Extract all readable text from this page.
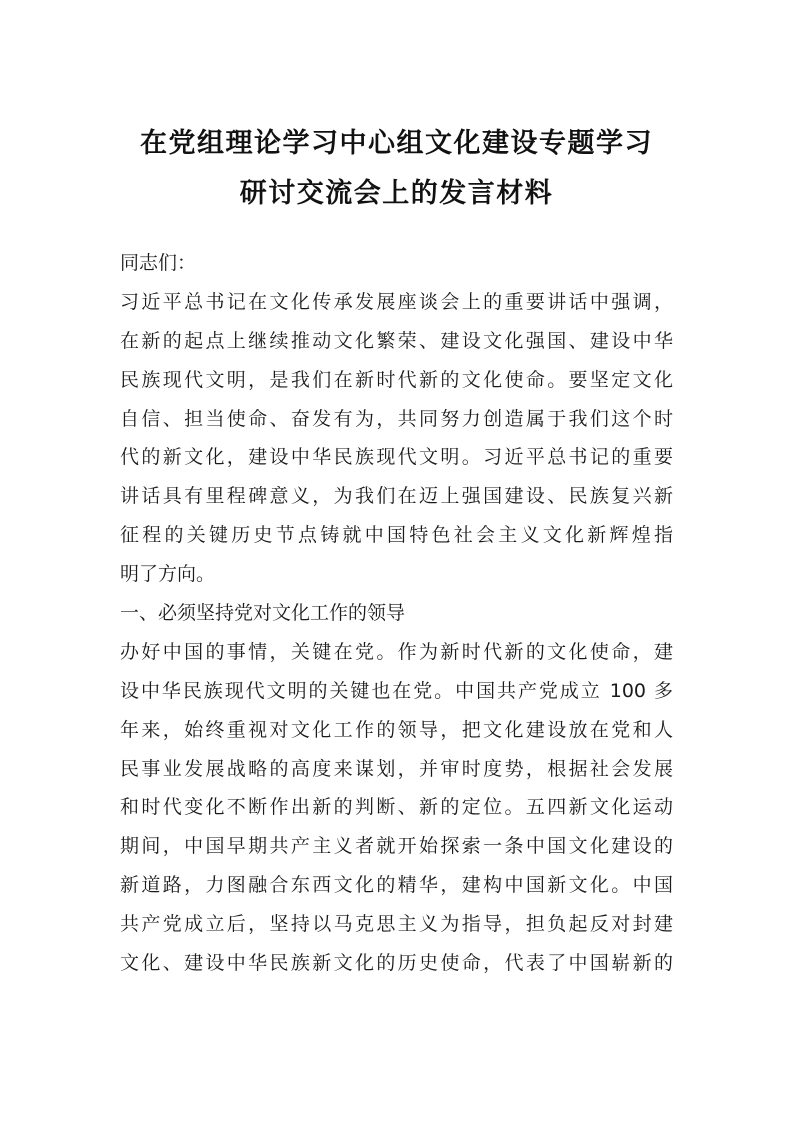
在党组理论学习中心组文化建设专题学习
研讨交流会上的发言材料
同志们：
习近平总书记在文化传承发展座谈会上的重要讲话中强调，
在新的起点上继续推动文化繁荣、建设文化强国、建设中华
民族现代文明，是我们在新时代新的文化使命。要坚定文化
自信、担当使命、奋发有为，共同努力创造属于我们这个时
代的新文化，建设中华民族现代文明。习近平总书记的重要
讲话具有里程碑意义，为我们在迈上强国建设、民族复兴新
征程的关键历史节点铸就中国特色社会主义文化新辉煌指
明了方向。
一、必须坚持党对文化工作的领导
办好中国的事情，关键在党。作为新时代新的文化使命，建
设中华民族现代文明的关键也在党。中国共产党成立 100 多
年来，始终重视对文化工作的领导，把文化建设放在党和人
民事业发展战略的高度来谋划，并审时度势，根据社会发展
和时代变化不断作出新的判断、新的定位。五四新文化运动
期间，中国早期共产主义者就开始探索一条中国文化建设的
新道路，力图融合东西文化的精华，建构中国新文化。中国
共产党成立后，坚持以马克思主义为指导，担负起反对封建
文化、建设中华民族新文化的历史使命，代表了中国崭新的
